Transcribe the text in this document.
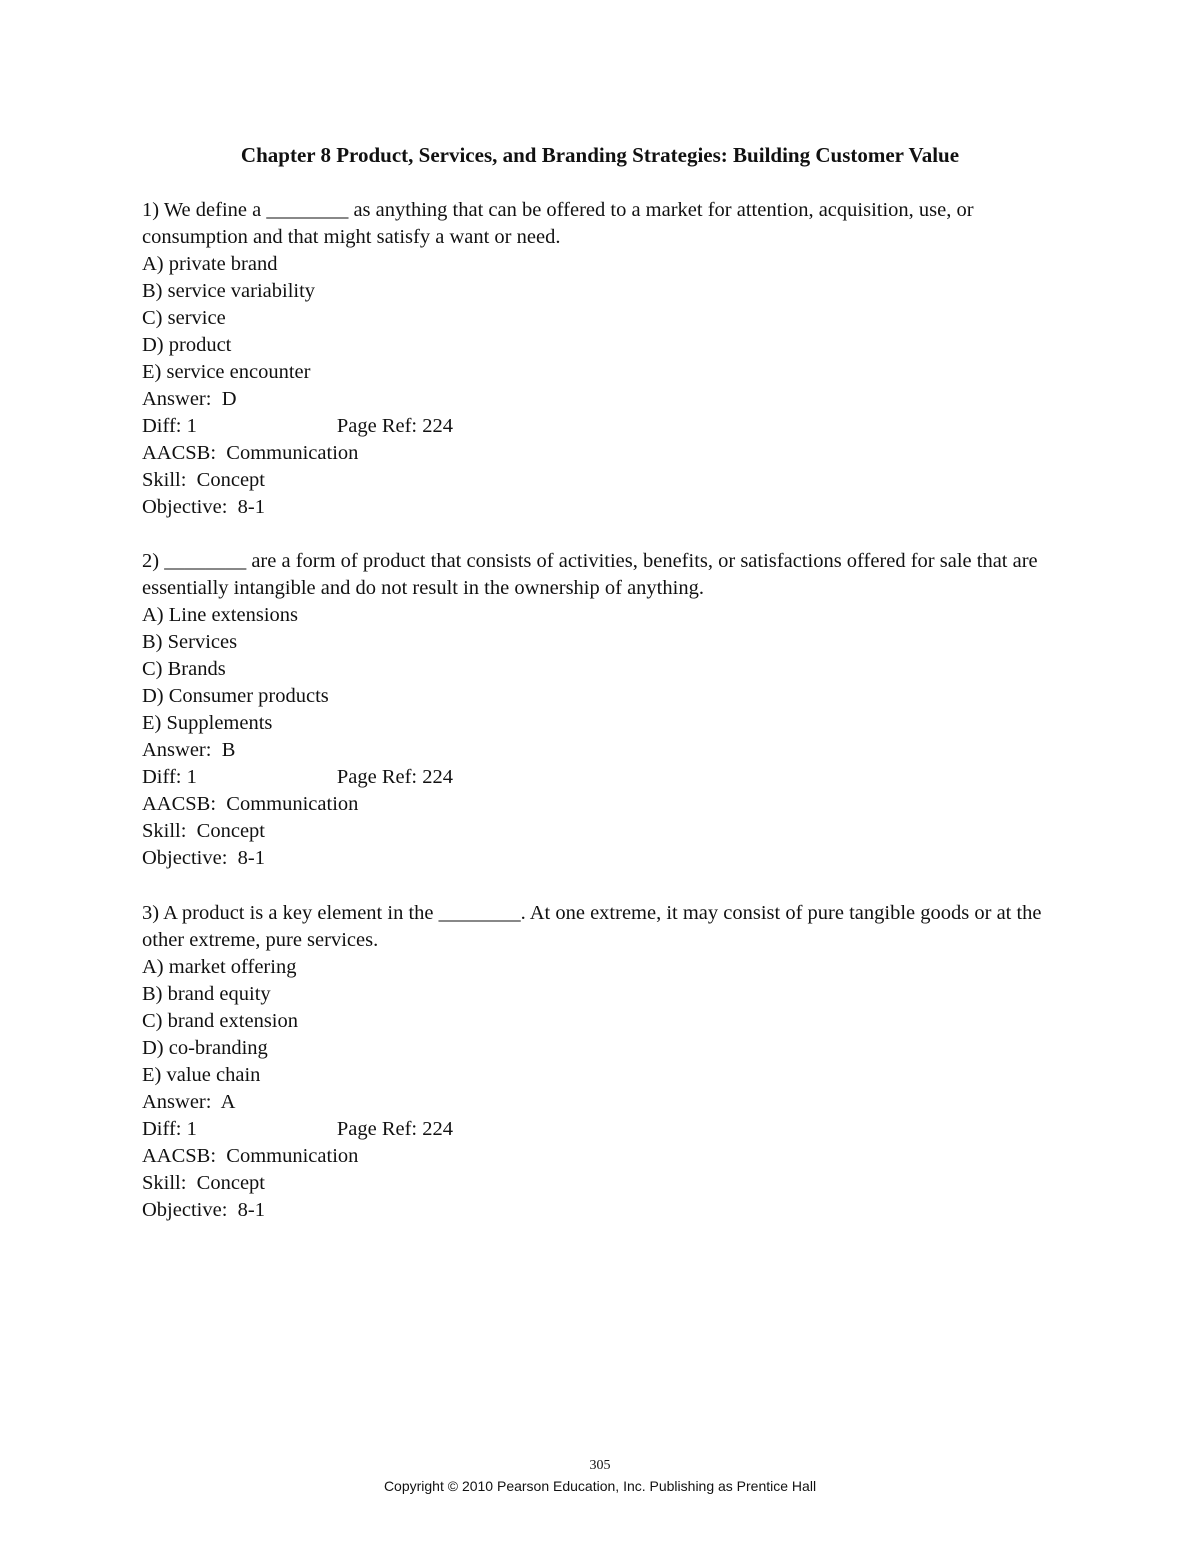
Chapter 8 Product, Services, and Branding Strategies: Building Customer Value

1) We define a ________ as anything that can be offered to a market for attention, acquisition, use, or consumption and that might satisfy a want or need.

A) private brand

B) service variability

C) service

D) product

E) service encounter

Answer:  D

Diff: 1	Page Ref: 224

AACSB:  Communication

Skill:  Concept

Objective:  8-1

2) ________ are a form of product that consists of activities, benefits, or satisfactions offered for sale that are essentially intangible and do not result in the ownership of anything.

A) Line extensions

B) Services

C) Brands

D) Consumer products

E) Supplements

Answer:  B

Diff: 1	Page Ref: 224

AACSB:  Communication

Skill:  Concept

Objective:  8-1

3) A product is a key element in the ________. At one extreme, it may consist of pure tangible goods or at the other extreme, pure services.

A) market offering

B) brand equity

C) brand extension

D) co-branding

E) value chain

Answer:  A

Diff: 1	Page Ref: 224

AACSB:  Communication

Skill:  Concept

Objective:  8-1

305
Copyright © 2010 Pearson Education, Inc. Publishing as Prentice Hall
